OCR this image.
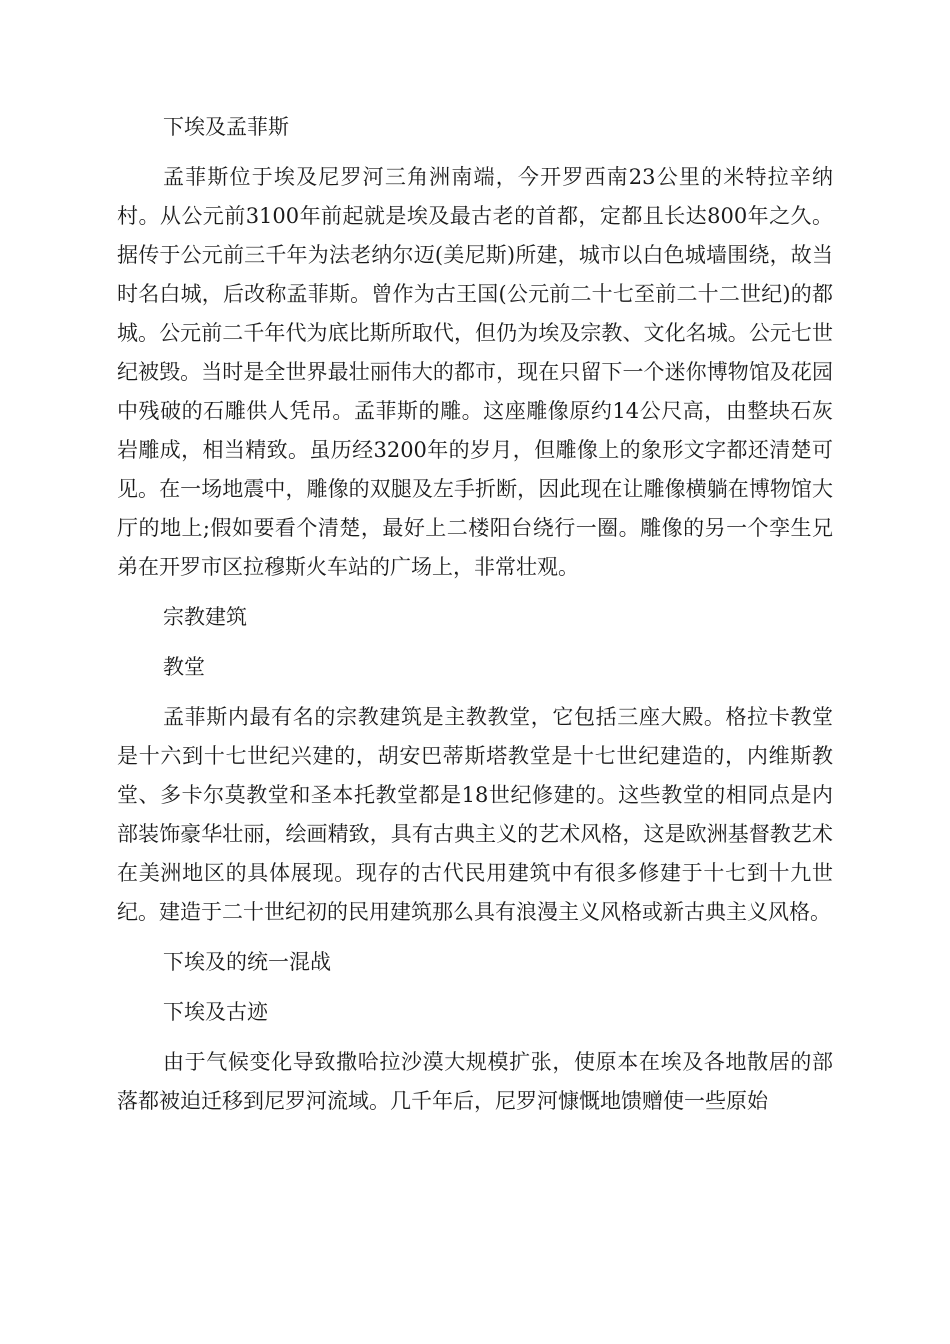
下埃及孟菲斯
孟菲斯位于埃及尼罗河三角洲南端，今开罗西南23公里的米特拉辛纳村。从公元前3100年前起就是埃及最古老的首都，定都且长达800年之久。据传于公元前三千年为法老纳尔迈(美尼斯)所建，城市以白色城墙围绕，故当时名白城，后改称孟菲斯。曾作为古王国(公元前二十七至前二十二世纪)的都城。公元前二千年代为底比斯所取代，但仍为埃及宗教、文化名城。公元七世纪被毁。当时是全世界最壮丽伟大的都市，现在只留下一个迷你博物馆及花园中残破的石雕供人凭吊。孟菲斯的雕。这座雕像原约14公尺高，由整块石灰岩雕成，相当精致。虽历经3200年的岁月，但雕像上的象形文字都还清楚可见。在一场地震中，雕像的双腿及左手折断，因此现在让雕像横躺在博物馆大厅的地上;假如要看个清楚，最好上二楼阳台绕行一圈。雕像的另一个孪生兄弟在开罗市区拉穆斯火车站的广场上，非常壮观。
宗教建筑
教堂
孟菲斯内最有名的宗教建筑是主教教堂，它包括三座大殿。格拉卡教堂是十六到十七世纪兴建的，胡安巴蒂斯塔教堂是十七世纪建造的，内维斯教堂、多卡尔莫教堂和圣本托教堂都是18世纪修建的。这些教堂的相同点是内部装饰豪华壮丽，绘画精致，具有古典主义的艺术风格，这是欧洲基督教艺术在美洲地区的具体展现。现存的古代民用建筑中有很多修建于十七到十九世纪。建造于二十世纪初的民用建筑那么具有浪漫主义风格或新古典主义风格。
下埃及的统一混战
下埃及古迹
由于气候变化导致撒哈拉沙漠大规模扩张，使原本在埃及各地散居的部落都被迫迁移到尼罗河流域。几千年后，尼罗河慷慨地馈赠使一些原始
